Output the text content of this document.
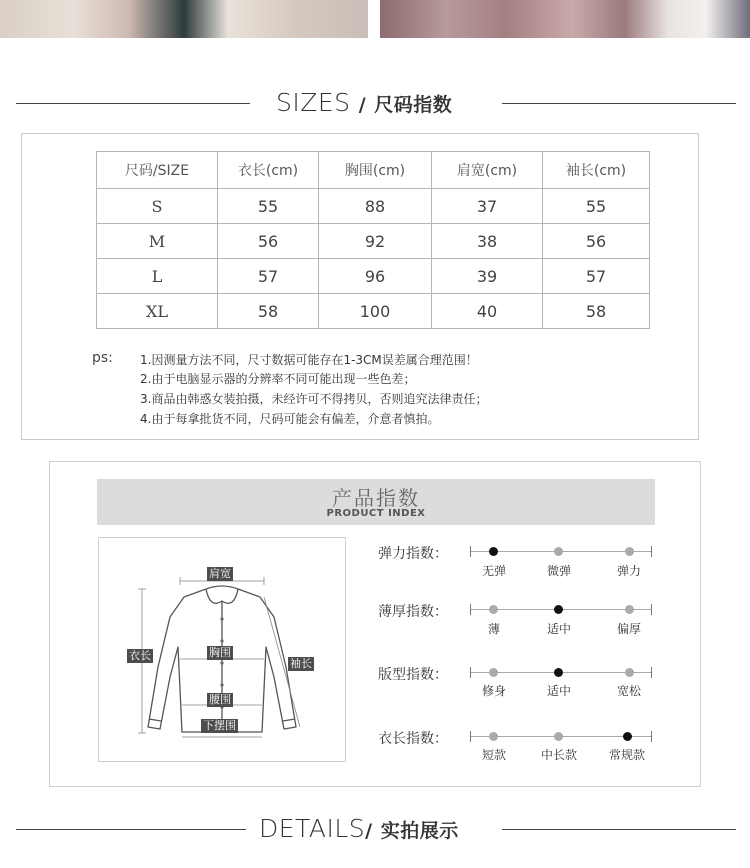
SIZES / 尺码指数
尺码/SIZE	衣长(cm)	胸围(cm)	肩宽(cm)	袖长(cm)
S	55	88	37	55
M	56	92	38	56
L	57	96	39	57
XL	58	100	40	58
ps: 1.因测量方法不同，尺寸数据可能存在1-3CM误差属合理范围！
2.由于电脑显示器的分辨率不同可能出现一些色差；
3.商品由韩惑女装拍摄，未经许可不得拷贝，否则追究法律责任；
4.由于每拿批货不同，尺码可能会有偏差，介意者慎拍。
产品指数
PRODUCT INDEX
肩宽
衣长	胸围
袖长
腰围
下摆围
弹力指数：
无弹	微弹	弹力
薄厚指数：
薄	适中	偏厚
版型指数：
修身	适中	宽松
衣长指数：
短款	中长款	常规款
DETAILS/ 实拍展示
